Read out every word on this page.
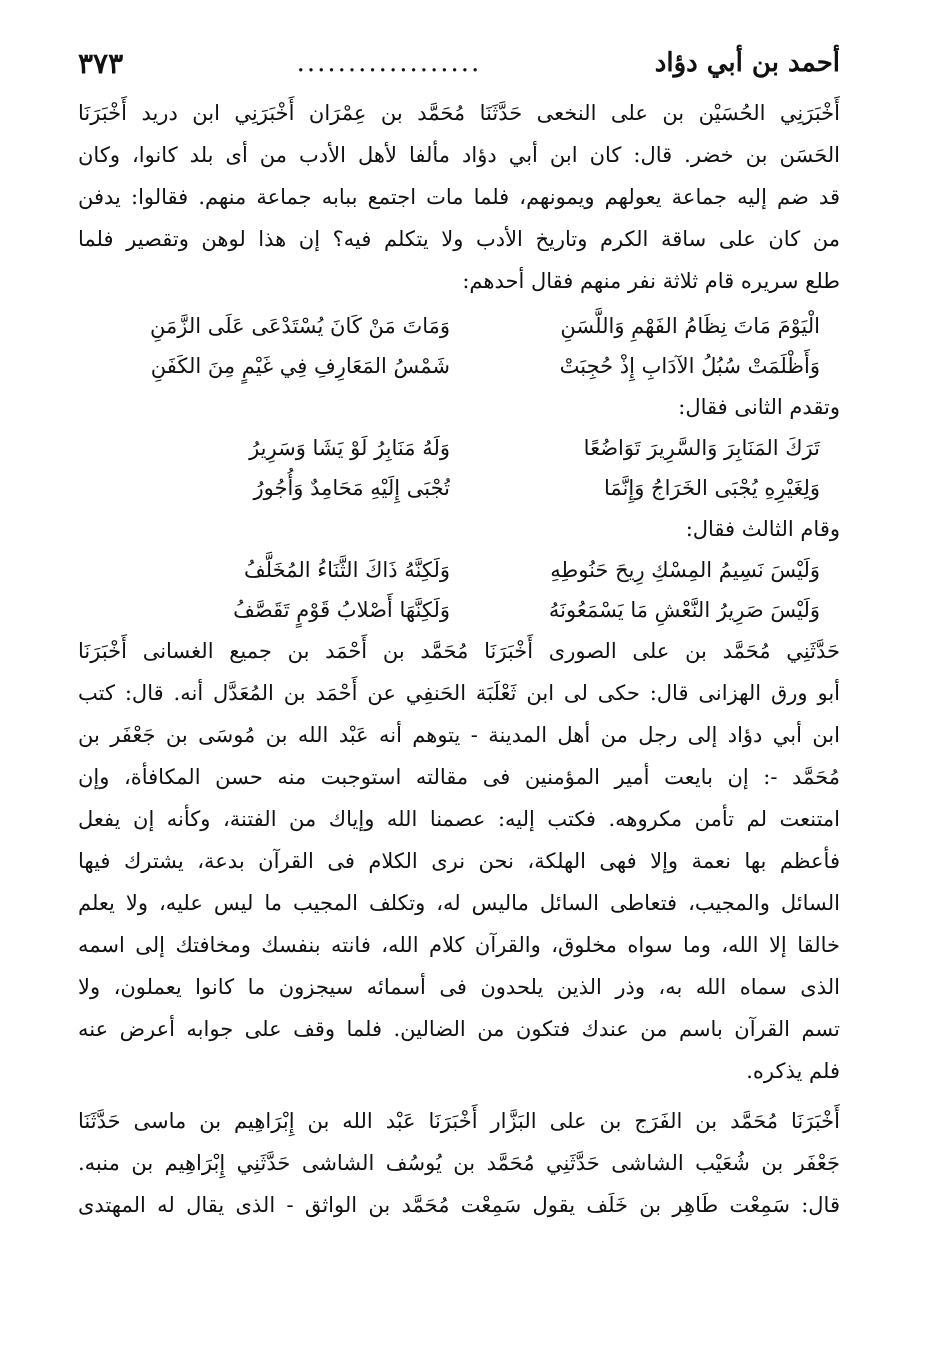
أحمد بن أبي دؤاد
..................
٣٧٣
أَخْبَرَنِي الحُسَيْن بن على النخعى حَدَّثَنَا مُحَمَّد بن عِمْرَان أَخْبَرَنِي ابن دريد أَخْبَرَنَا
الحَسَن بن خضر. قال: كان ابن أبي دؤاد مألفا لأهل الأدب من أى بلد كانوا، وكان
قد ضم إليه جماعة يعولهم ويمونهم، فلما مات اجتمع ببابه جماعة منهم. فقالوا: يدفن
من كان على ساقة الكرم وتاريخ الأدب ولا يتكلم فيه؟ إن هذا لوهن وتقصير فلما
طلع سريره قام ثلاثة نفر منهم فقال أحدهم:
الْيَوْمَ مَاتَ نِظَامُ الفَهْمِ وَاللَّسَنِ
وَمَاتَ مَنْ كَانَ يُسْتَدْعَى عَلَى الزَّمَنِ
وَأَظْلَمَتْ سُبُلُ الآدَابِ إِذْ حُجِبَتْ
شَمْسُ المَعَارِفِ فِي غَيْمٍ مِنَ الكَفَنِ
وتقدم الثانى فقال:
تَرَكَ المَنَابِرَ وَالسَّرِيرَ تَوَاضُعًا
وَلَهُ مَنَابِرُ لَوْ يَشَا وَسَرِيرُ
وَلِغَيْرِهِ يُجْبَى الخَرَاجُ وَإِنَّمَا
تُجْبَى إِلَيْهِ مَحَامِدٌ وَأُجُورُ
وقام الثالث فقال:
وَلَيْسَ نَسِيمُ المِسْكِ رِيحَ حَنُوطِهِ
وَلَكِنَّهُ ذَاكَ الثَّنَاءُ المُخَلَّفُ
وَلَيْسَ صَرِيرُ النَّعْشِ مَا يَسْمَعُونَهُ
وَلَكِنَّهَا أَصْلابُ قَوْمٍ تَقَصَّفُ
حَدَّثَنِي مُحَمَّد بن على الصورى أَخْبَرَنَا مُحَمَّد بن أَحْمَد بن جميع الغسانى أَخْبَرَنَا
أبو ورق الهزانى قال: حكى لى ابن ثَعْلَبَة الحَنفِي عن أَحْمَد بن المُعَدَّل أنه. قال: كتب
ابن أبي دؤاد إلى رجل من أهل المدينة - يتوهم أنه عَبْد الله بن مُوسَى بن جَعْفَر بن
مُحَمَّد -: إن بايعت أمير المؤمنين فى مقالته استوجبت منه حسن المكافأة، وإن
امتنعت لم تأمن مكروهه. فكتب إليه: عصمنا الله وإياك من الفتنة، وكأنه إن يفعل
فأعظم بها نعمة وإلا فهى الهلكة، نحن نرى الكلام فى القرآن بدعة، يشترك فيها
السائل والمجيب، فتعاطى السائل ماليس له، وتكلف المجيب ما ليس عليه، ولا يعلم
خالقا إلا الله، وما سواه مخلوق، والقرآن كلام الله، فانته بنفسك ومخافتك إلى اسمه
الذى سماه الله به، وذر الذين يلحدون فى أسمائه سيجزون ما كانوا يعملون، ولا
تسم القرآن باسم من عندك فتكون من الضالين. فلما وقف على جوابه أعرض عنه
فلم يذكره.
أَخْبَرَنَا مُحَمَّد بن الفَرَج بن على البَزَّار أَخْبَرَنَا عَبْد الله بن إِبْرَاهِيم بن ماسى حَدَّثَنَا
جَعْفَر بن شُعَيْب الشاشى حَدَّثَنِي مُحَمَّد بن يُوسُف الشاشى حَدَّثَنِي إِبْرَاهِيم بن منبه.
قال: سَمِعْت طَاهِر بن خَلَف يقول سَمِعْت مُحَمَّد بن الواثق - الذى يقال له المهتدى
